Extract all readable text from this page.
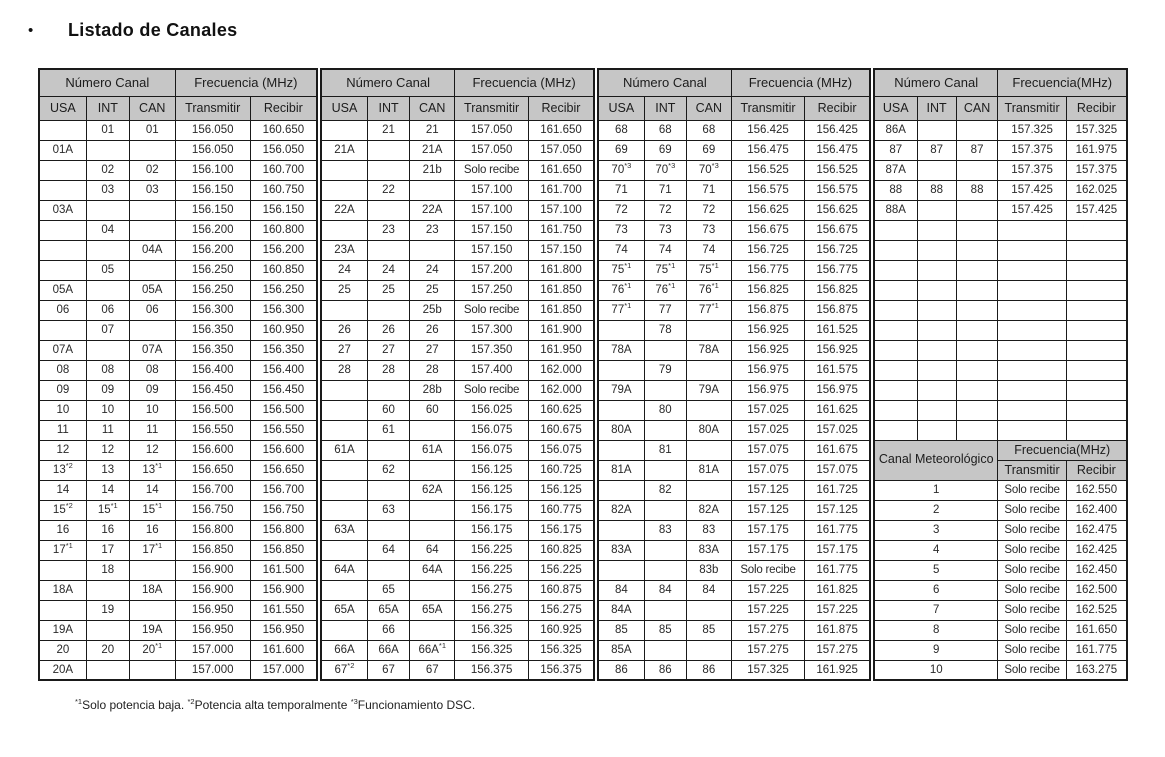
•	Listado de Canales
Número Canal			Frecuencia (MHz)	
USA	INT	CAN	Transmitir	Recibir
	01	01	156.050	160.650
01A			156.050	156.050
	02	02	156.100	160.700
	03	03	156.150	160.750
03A			156.150	156.150
	04		156.200	160.800
		04A	156.200	156.200
	05		156.250	160.850
05A		05A	156.250	156.250
06	06	06	156.300	156.300
	07		156.350	160.950
07A		07A	156.350	156.350
08	08	08	156.400	156.400
09	09	09	156.450	156.450
10	10	10	156.500	156.500
11	11	11	156.550	156.550
12	12	12	156.600	156.600
13$^{*2}$	13	13$^{*1}$	156.650	156.650
14	14	14	156.700	156.700
15$^{*2}$	15$^{*1}$	15$^{*1}$	156.750	156.750
16	16	16	156.800	156.800
17$^{*1}$	17	17$^{*1}$	156.850	156.850
	18		156.900	161.500
18A		18A	156.900	156.900
	19		156.950	161.550
19A		19A	156.950	156.950
20	20	20$^{*1}$	157.000	161.600
20A			157.000	157.000
Número Canal			Frecuencia (MHz)	
USA	INT	CAN	Transmitir	Recibir
	21	21	157.050	161.650
21A		21A	157.050	157.050
		21b	Solo recibe	161.650
	22		157.100	161.700
22A		22A	157.100	157.100
	23	23	157.150	161.750
23A			157.150	157.150
24	24	24	157.200	161.800
25	25	25	157.250	161.850
		25b	Solo recibe	161.850
26	26	26	157.300	161.900
27	27	27	157.350	161.950
28	28	28	157.400	162.000
		28b	Solo recibe	162.000
	60	60	156.025	160.625
	61		156.075	160.675
61A		61A	156.075	156.075
	62		156.125	160.725
		62A	156.125	156.125
	63		156.175	160.775
63A			156.175	156.175
	64	64	156.225	160.825
64A		64A	156.225	156.225
	65		156.275	160.875
65A	65A	65A	156.275	156.275
	66		156.325	160.925
66A	66A	$66A^{*1}$	156.325	156.325
67$^{*2}$	67	67	156.375	156.375
Número Canal			Frecuencia (MHz)	
USA	INT	CAN	Transmitir	Recibir
68	68	68	156.425	156.425
69	69	69	156.475	156.475
70$^{*3}$	70$^{*3}$	70$^{*3}$	156.525	156.525
71	71	71	156.575	156.575
72	72	72	156.625	156.625
73	73	73	156.675	156.675
74	74	74	156.725	156.725
75$^{*1}$	75$^{*1}$	75$^{*1}$	156.775	156.775
76$^{*1}$	76$^{*1}$	76$^{*1}$	156.825	156.825
77$^{*1}$	77	77$^{*1}$	156.875	156.875
	78		156.925	161.525
78A		78A	156.925	156.925
	79		156.975	161.575
79A		79A	156.975	156.975
	80		157.025	161.625
80A		80A	157.025	157.025
	81		157.075	161.675
81A		81A	157.075	157.075
	82		157.125	161.725
82A		82A	157.125	157.125
	83	83	157.175	161.775
83A		83A	157.175	157.175
		83b	Solo recibe	161.775
84	84	84	157.225	161.825
84A			157.225	157.225
85	85	85	157.275	161.875
85A			157.275	157.275
86	86	86	157.325	161.925
Número Canal			Frecuencia(MHz)	
USA	INT	CAN	Transmitir	Recibir
86A			157.325	157.325
87	87	87	157.375	161.975
87A			157.375	157.375
88	88	88	157.425	162.025
88A			157.425	157.425

Canal Meteorológico			Frecuencia(MHz)	
			Transmitir	Recibir
1			Solo recibe	162.550
2			Solo recibe	162.400
3			Solo recibe	162.475
4			Solo recibe	162.425
5			Solo recibe	162.450
6			Solo recibe	162.500
7			Solo recibe	162.525
8			Solo recibe	161.650
9			Solo recibe	161.775
10			Solo recibe	163.275
$^{*1}$Solo potencia baja. $^{*2}$Potencia alta temporalmente $^{*3}$Funcionamiento DSC.
